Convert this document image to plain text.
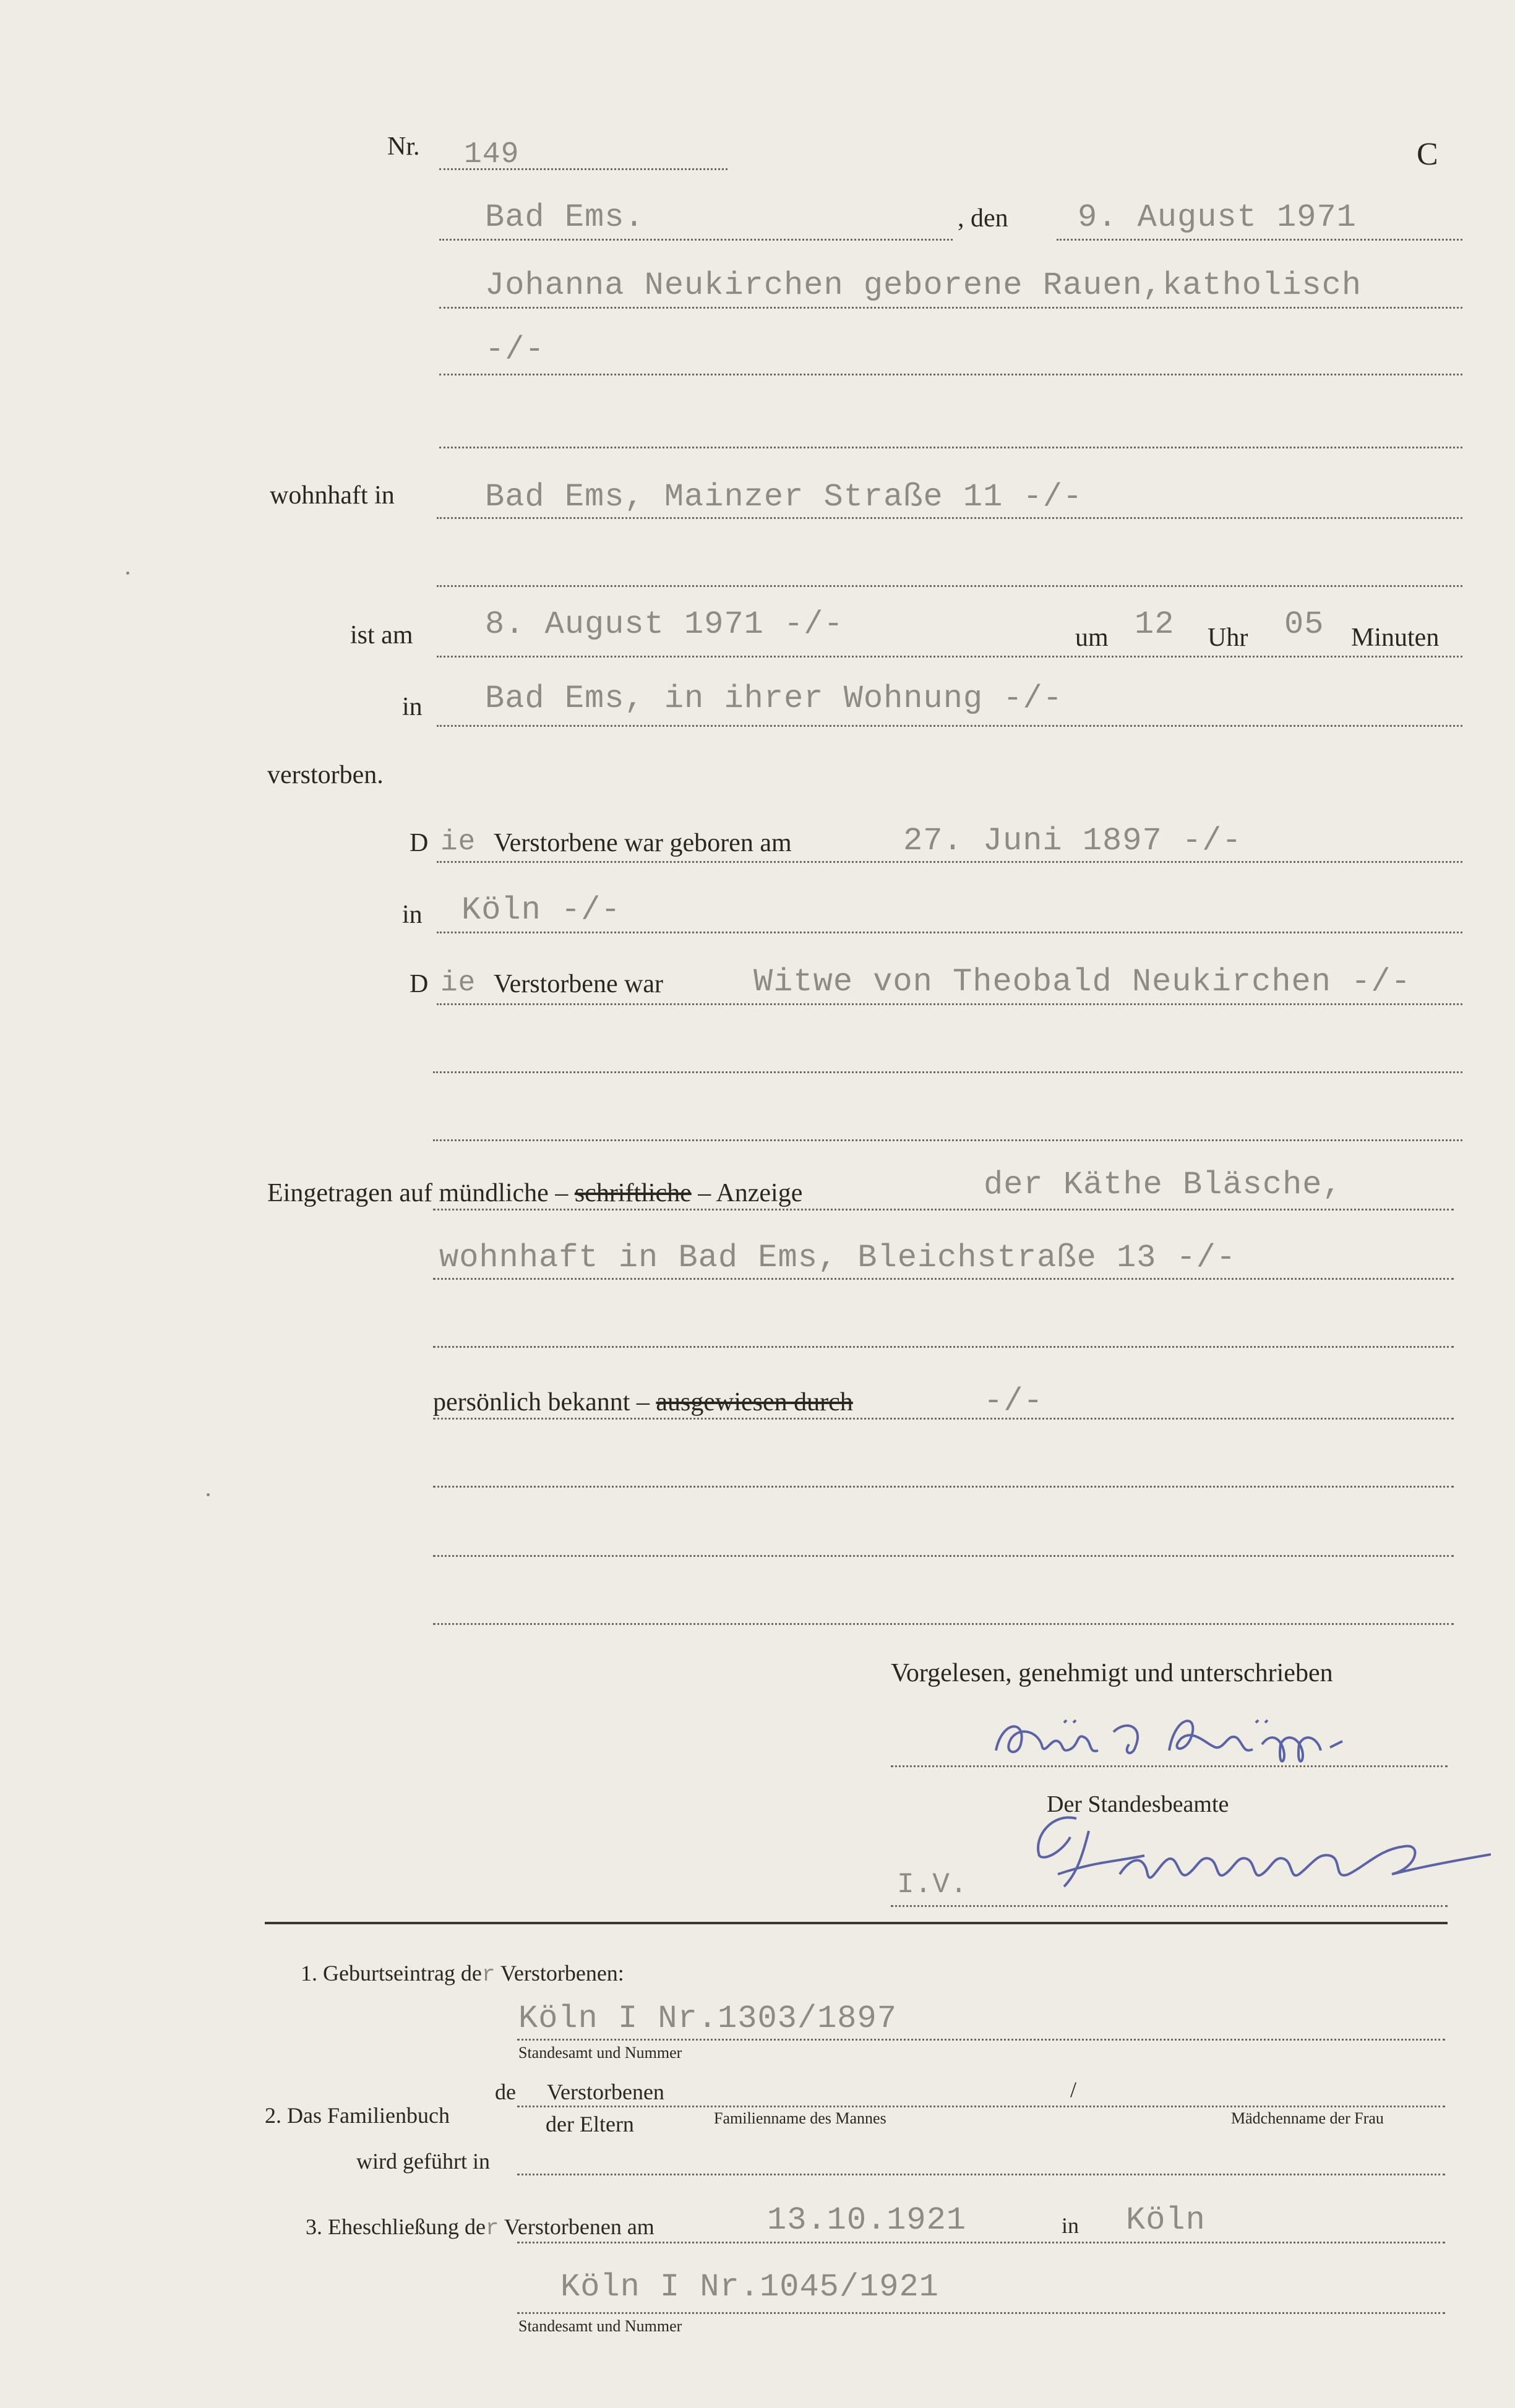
Nr. 149	C
Bad Ems.	, den 9. August 1971
Johanna Neukirchen geborene Rauen,katholisch
-/-
wohnhaft in	Bad Ems, Mainzer Straße 11 -/-
ist am 8. August 1971 -/-	um 12 Uhr 05 Minuten
in Bad Ems, in ihrer Wohnung -/-
verstorben.
D ie Verstorbene war geboren am	27. Juni 1897 -/-
in Köln -/-
D ie Verstorbene war	Witwe von Theobald Neukirchen -/-
Eingetragen auf mündliche – schriftliche – Anzeige	der Käthe Bläsche,
wohnhaft in Bad Ems, Bleichstraße 13 -/-
persönlich bekannt – ausgewiesen durch	-/-
Vorgelesen, genehmigt und unterschrieben
Der Standesbeamte
I.V.
1. Geburtseintrag der Verstorbenen:
Köln I Nr.1303/1897
Standesamt und Nummer
2. Das Familienbuch
de Verstorbenen	/
der Eltern	Familienname des Mannes	Mädchenname der Frau
wird geführt in
3. Eheschließung der Verstorbenen am	13.10.1921	in Köln
Köln I Nr.1045/1921
Standesamt und Nummer
